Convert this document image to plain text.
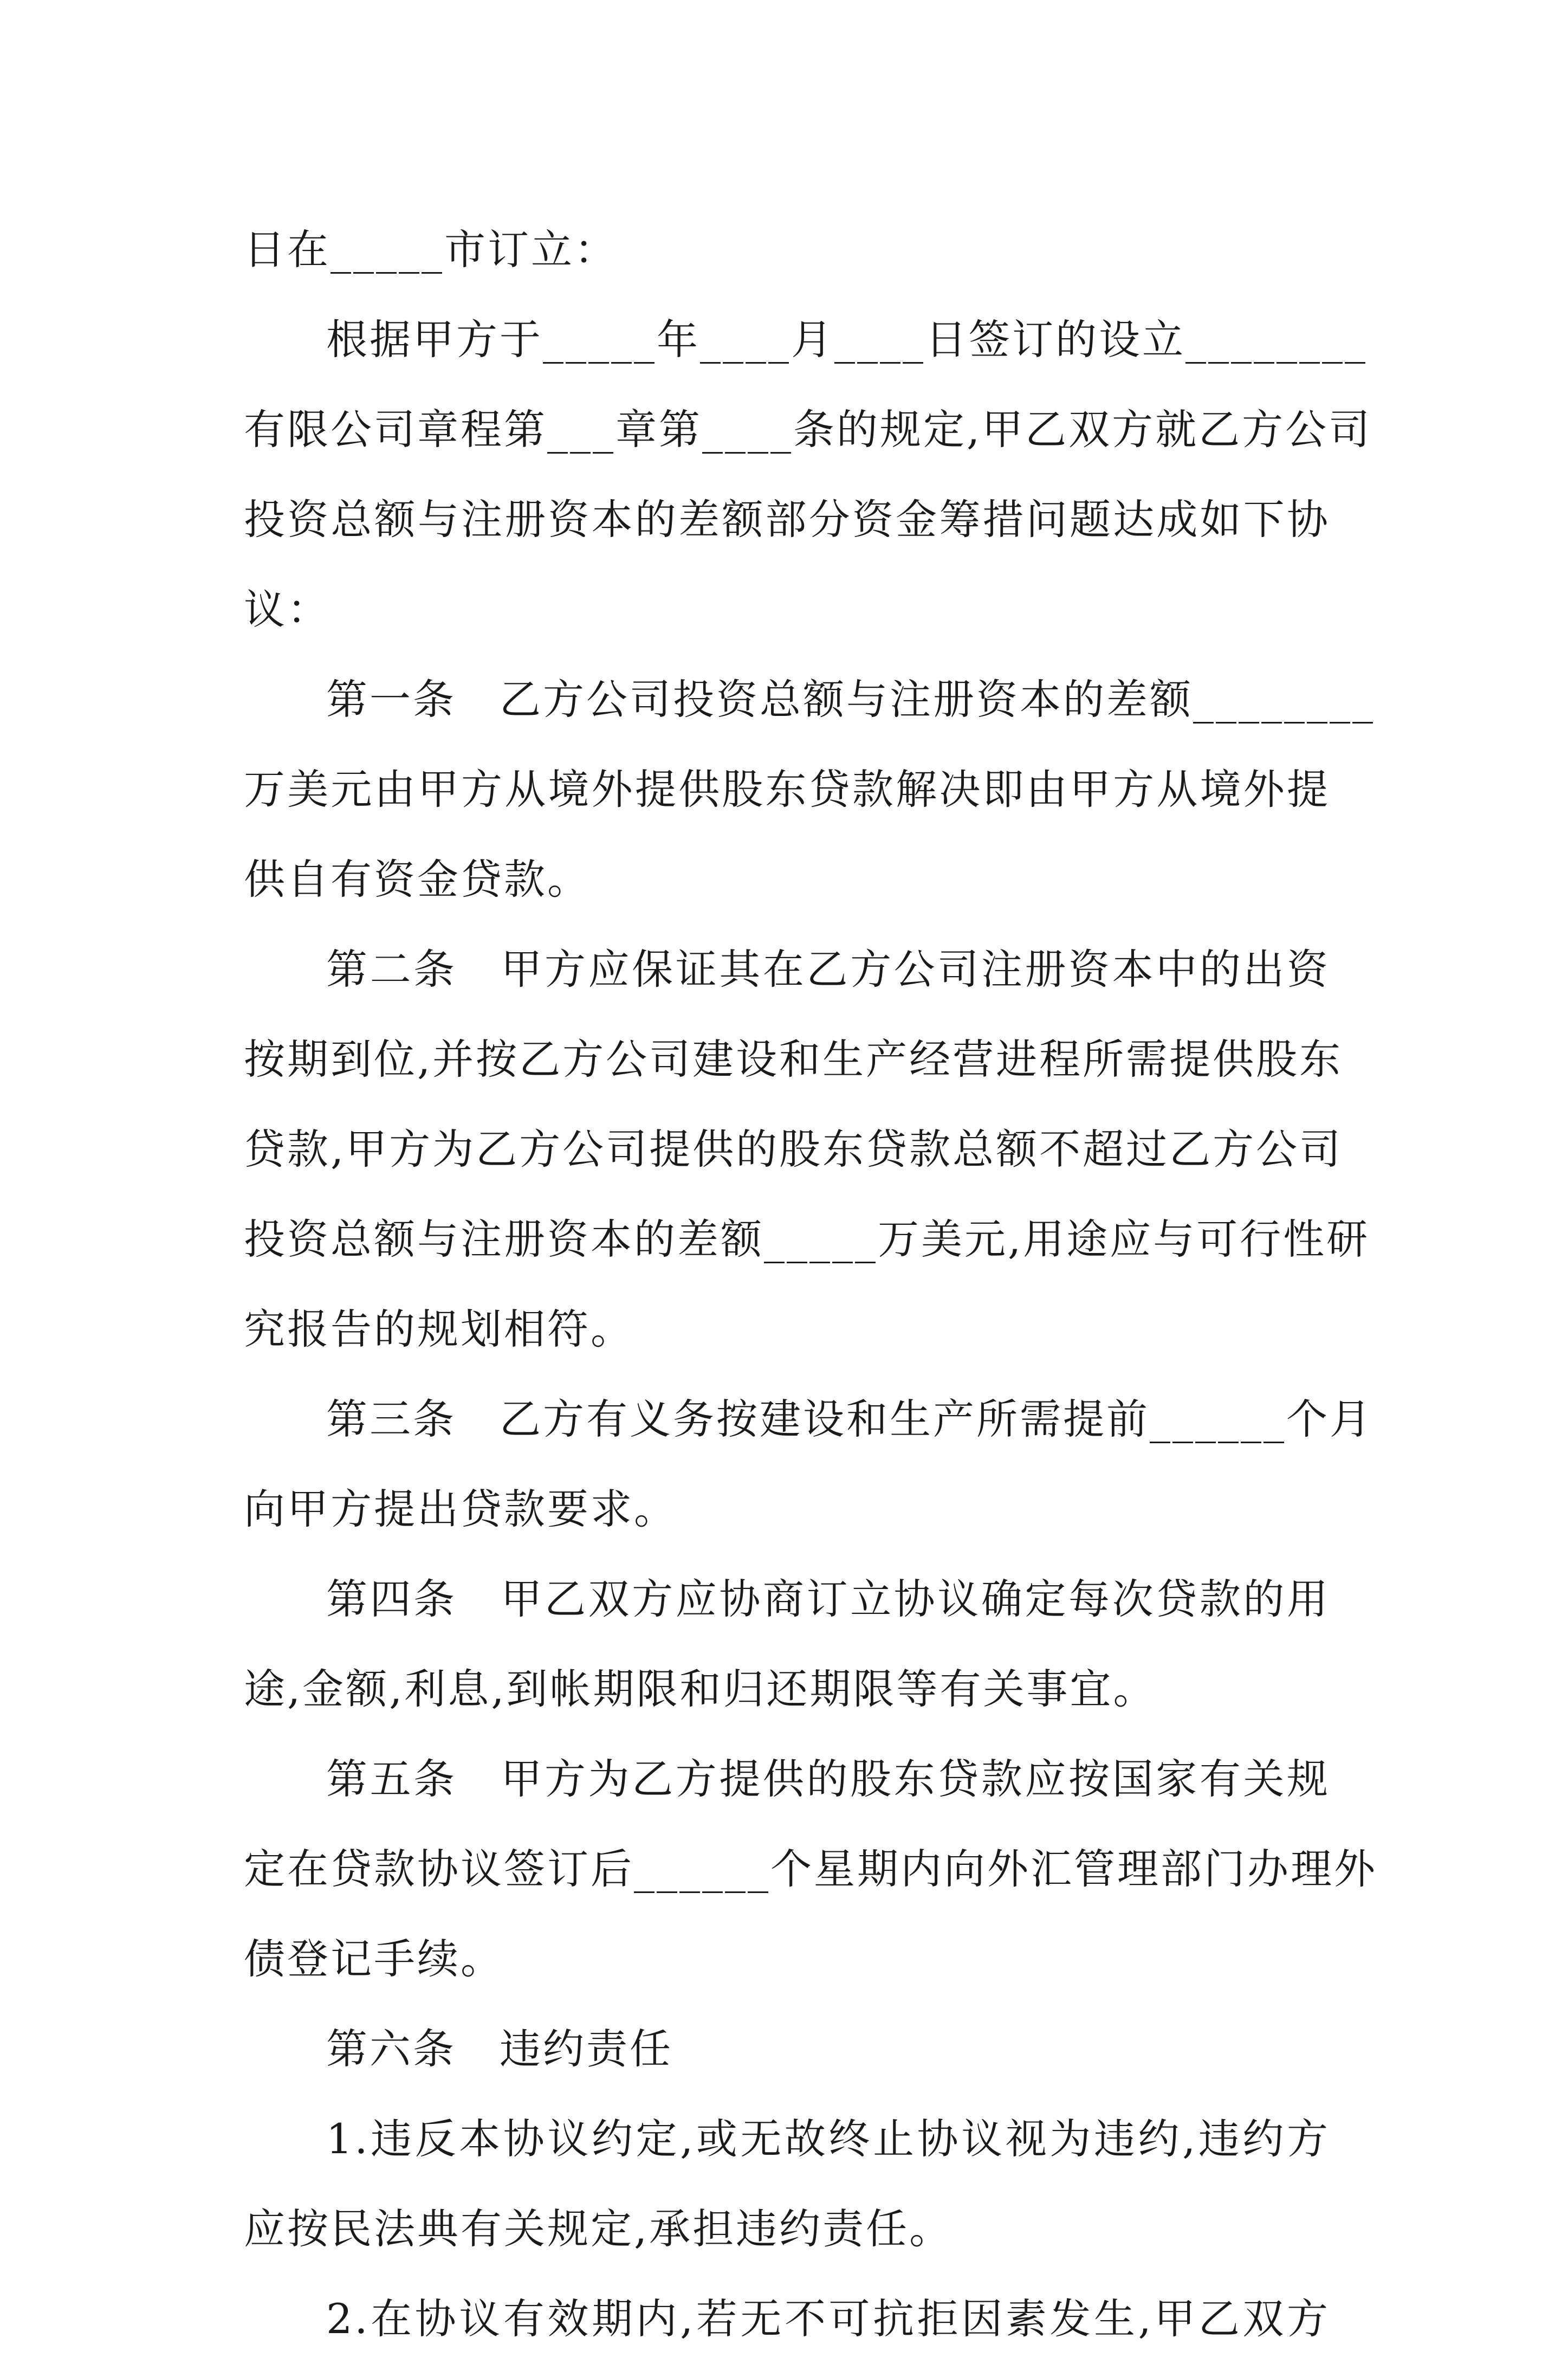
日在_____市订立：
根据甲方于_____年____月____日签订的设立________
有限公司章程第___章第____条的规定,甲乙双方就乙方公司
投资总额与注册资本的差额部分资金筹措问题达成如下协
议：
第一条　乙方公司投资总额与注册资本的差额________
万美元由甲方从境外提供股东贷款解决即由甲方从境外提
供自有资金贷款。
第二条　甲方应保证其在乙方公司注册资本中的出资
按期到位,并按乙方公司建设和生产经营进程所需提供股东
贷款,甲方为乙方公司提供的股东贷款总额不超过乙方公司
投资总额与注册资本的差额_____万美元,用途应与可行性研
究报告的规划相符。
第三条　乙方有义务按建设和生产所需提前______个月
向甲方提出贷款要求。
第四条　甲乙双方应协商订立协议确定每次贷款的用
途,金额,利息,到帐期限和归还期限等有关事宜。
第五条　甲方为乙方提供的股东贷款应按国家有关规
定在贷款协议签订后______个星期内向外汇管理部门办理外
债登记手续。
第六条　违约责任
1.违反本协议约定,或无故终止协议视为违约,违约方
应按民法典有关规定,承担违约责任。
2.在协议有效期内,若无不可抗拒因素发生,甲乙双方
